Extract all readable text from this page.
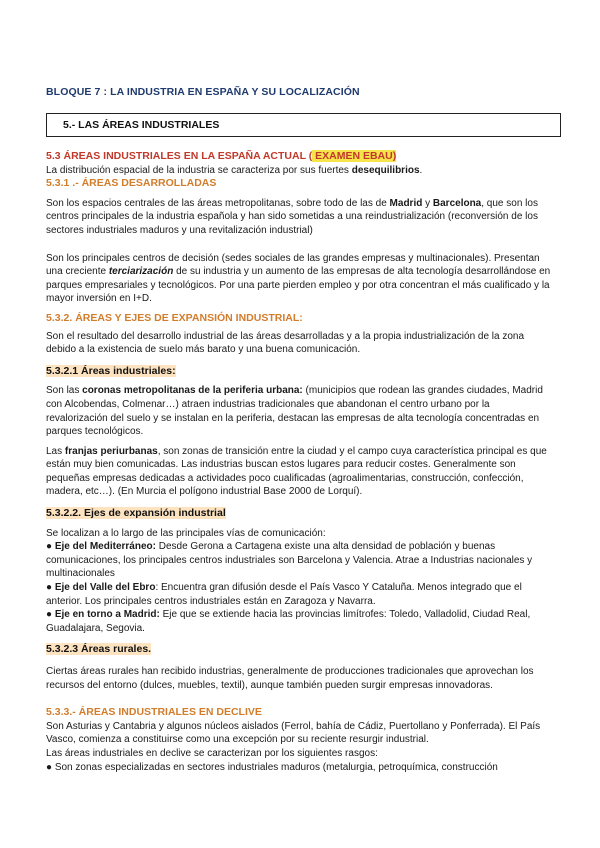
BLOQUE 7 : LA INDUSTRIA EN ESPAÑA Y SU LOCALIZACIÓN
5.- LAS ÁREAS INDUSTRIALES

5.3 ÁREAS INDUSTRIALES EN LA ESPAÑA ACTUAL ( EXAMEN EBAU)

La distribución espacial de la industria se caracteriza por sus fuertes desequilibrios.

5.3.1 .- ÁREAS DESARROLLADAS

Son los espacios centrales de las áreas metropolitanas, sobre todo de las de Madrid y Barcelona, que son los centros principales de la industria española y han sido sometidas a una reindustrialización (reconversión de los sectores industriales maduros y una revitalización industrial)

Son los principales centros de decisión (sedes sociales de las grandes empresas y multinacionales). Presentan una creciente terciarización de su industria y un aumento de las empresas de alta tecnología desarrollándose en parques empresariales y tecnológicos. Por una parte pierden empleo y por otra concentran el más cualificado y la mayor inversión en I+D.

5.3.2. ÁREAS Y EJES DE EXPANSIÓN INDUSTRIAL:

Son el resultado del desarrollo industrial de las áreas desarrolladas y a la propia industrialización de la zona debido a la existencia de suelo más barato y una buena comunicación.

5.3.2.1 Áreas industriales:

Son las coronas metropolitanas de la periferia urbana: (municipios que rodean las grandes ciudades, Madrid con Alcobendas, Colmenar…) atraen industrias tradicionales que abandonan el centro urbano por la revalorización del suelo y se instalan en la periferia, destacan las empresas de alta tecnología concentradas en parques tecnológicos.

Las franjas periurbanas, son zonas de transición entre la ciudad y el campo cuya característica principal es que están muy bien comunicadas. Las industrias buscan estos lugares para reducir costes. Generalmente son pequeñas empresas dedicadas a actividades poco cualificadas (agroalimentarias, construcción, confección, madera, etc…). (En Murcia el polígono industrial Base 2000 de Lorquí).

5.3.2.2. Ejes de expansión industrial

Se localizan a lo largo de las principales vías de comunicación:

● Eje del Mediterráneo: Desde Gerona a Cartagena existe una alta densidad de población y buenas comunicaciones, los principales centros industriales son Barcelona y Valencia. Atrae a Industrias nacionales y multinacionales

● Eje del Valle del Ebro: Encuentra gran difusión desde el País Vasco Y Cataluña. Menos integrado que el anterior. Los principales centros industriales están en Zaragoza y Navarra.

● Eje en torno a Madrid: Eje que se extiende hacia las provincias limítrofes: Toledo, Valladolid, Ciudad Real, Guadalajara, Segovia.

5.3.2.3 Áreas rurales.

Ciertas áreas rurales han recibido industrias, generalmente de producciones tradicionales que aprovechan los recursos del entorno (dulces, muebles, textil), aunque también pueden surgir empresas innovadoras.

5.3.3.- ÁREAS INDUSTRIALES EN DECLIVE

Son Asturias y Cantabria y algunos núcleos aislados (Ferrol, bahía de Cádiz, Puertollano y Ponferrada). El País Vasco, comienza a constituirse como una excepción por su reciente resurgir industrial.

Las áreas industriales en declive se caracterizan por los siguientes rasgos:

● Son zonas especializadas en sectores industriales maduros (metalurgia, petroquímica, construcción
